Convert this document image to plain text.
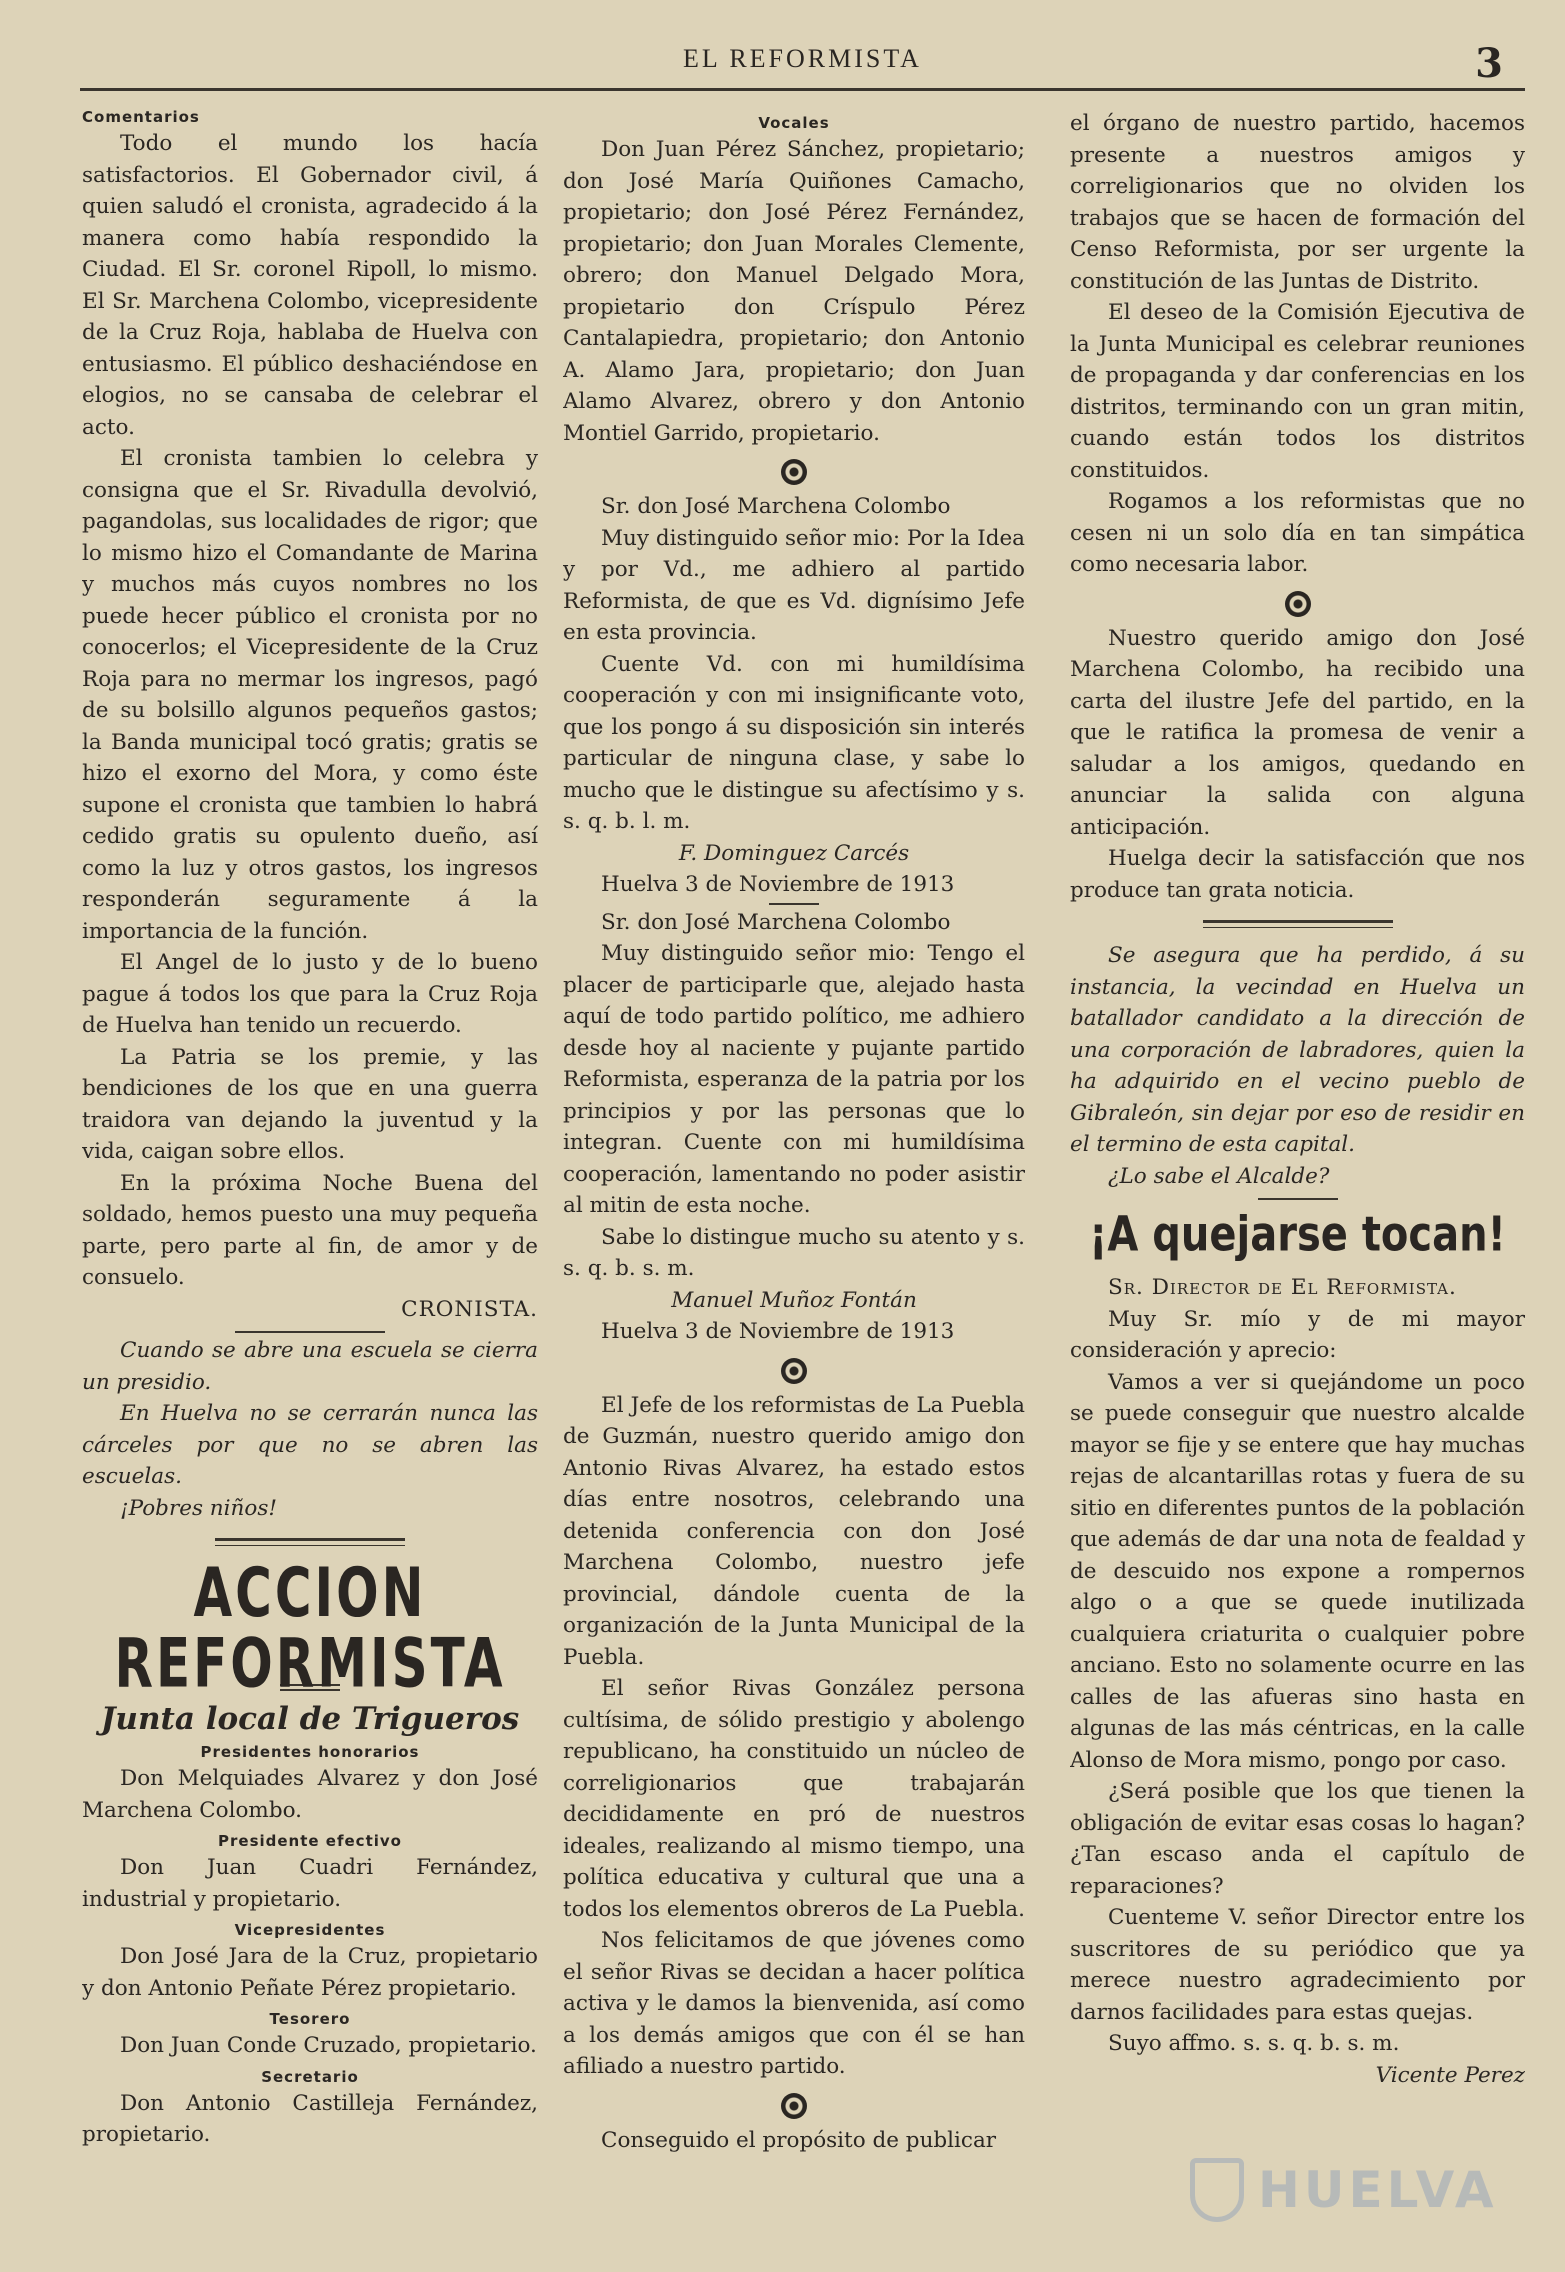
EL REFORMISTA	3
Comentarios

Todo el mundo los hacía satisfactorios. El Gobernador civil, á quien saludó el cronista, agradecido á la manera como había respondido la Ciudad. El Sr. coronel Ripoll, lo mismo. El Sr. Marchena Colombo, vicepresidente de la Cruz Roja, hablaba de Huelva con entusiasmo. El público deshaciéndose en elogios, no se cansaba de celebrar el acto.

El cronista tambien lo celebra y consigna que el Sr. Rivadulla devolvió, pagandolas, sus localidades de rigor; que lo mismo hizo el Comandante de Marina y muchos más cuyos nombres no los puede hecer público el cronista por no conocerlos; el Vicepresidente de la Cruz Roja para no mermar los ingresos, pagó de su bolsillo algunos pequeños gastos; la Banda municipal tocó gratis; gratis se hizo el exorno del Mora, y como éste supone el cronista que tambien lo habrá cedido gratis su opulento dueño, así como la luz y otros gastos, los ingresos responderán seguramente á la importancia de la función.

El Angel de lo justo y de lo bueno pague á todos los que para la Cruz Roja de Huelva han tenido un recuerdo.

La Patria se los premie, y las bendiciones de los que en una guerra traidora van dejando la juventud y la vida, caigan sobre ellos.

En la próxima Noche Buena del soldado, hemos puesto una muy pequeña parte, pero parte al fin, de amor y de consuelo.

CRONISTA.

Cuando se abre una escuela se cierra un presidio.

En Huelva no se cerrarán nunca las cárceles por que no se abren las escuelas.

¡Pobres niños!

ACCION REFORMISTA
Junta local de Trigueros
Presidentes honorarios

Don Melquiades Alvarez y don José Marchena Colombo.

Presidente efectivo

Don Juan Cuadri Fernández, industrial y propietario.

Vicepresidentes

Don José Jara de la Cruz, propietario y don Antonio Peñate Pérez propietario.

Tesorero

Don Juan Conde Cruzado, propietario.

Secretario

Don Antonio Castilleja Fernández, propietario.

Vocales

Don Juan Pérez Sánchez, propietario; don José María Quiñones Camacho, propietario; don José Pérez Fernández, propietario; don Juan Morales Clemente, obrero; don Manuel Delgado Mora, propietario don Críspulo Pérez Cantalapiedra, propietario; don Antonio A. Alamo Jara, propietario; don Juan Alamo Alvarez, obrero y don Antonio Montiel Garrido, propietario.

Sr. don José Marchena Colombo

Muy distinguido señor mio: Por la Idea y por Vd., me adhiero al partido Reformista, de que es Vd. dignísimo Jefe en esta provincia.

Cuente Vd. con mi humildísima cooperación y con mi insignificante voto, que los pongo á su disposición sin interés particular de ninguna clase, y sabe lo mucho que le distingue su afectísimo y s. s. q. b. l. m.

F. Dominguez Carcés

Huelva 3 de Noviembre de 1913

Sr. don José Marchena Colombo

Muy distinguido señor mio: Tengo el placer de participarle que, alejado hasta aquí de todo partido político, me adhiero desde hoy al naciente y pujante partido Reformista, esperanza de la patria por los principios y por las personas que lo integran. Cuente con mi humildísima cooperación, lamentando no poder asistir al mitin de esta noche.

Sabe lo distingue mucho su atento y s. s. q. b. s. m.

Manuel Muñoz Fontán

Huelva 3 de Noviembre de 1913

El Jefe de los reformistas de La Puebla de Guzmán, nuestro querido amigo don Antonio Rivas Alvarez, ha estado estos días entre nosotros, celebrando una detenida conferencia con don José Marchena Colombo, nuestro jefe provincial, dándole cuenta de la organización de la Junta Municipal de la Puebla.

El señor Rivas González persona cultísima, de sólido prestigio y abolengo republicano, ha constituido un núcleo de correligionarios que trabajarán decididamente en pró de nuestros ideales, realizando al mismo tiempo, una política educativa y cultural que una a todos los elementos obreros de La Puebla.

Nos felicitamos de que jóvenes como el señor Rivas se decidan a hacer política activa y le damos la bienvenida, así como a los demás amigos que con él se han afiliado a nuestro partido.

Conseguido el propósito de publicar

el órgano de nuestro partido, hacemos presente a nuestros amigos y correligionarios que no olviden los trabajos que se hacen de formación del Censo Reformista, por ser urgente la constitución de las Juntas de Distrito.

El deseo de la Comisión Ejecutiva de la Junta Municipal es celebrar reuniones de propaganda y dar conferencias en los distritos, terminando con un gran mitin, cuando están todos los distritos constituidos.

Rogamos a los reformistas que no cesen ni un solo día en tan simpática como necesaria labor.

Nuestro querido amigo don José Marchena Colombo, ha recibido una carta del ilustre Jefe del partido, en la que le ratifica la promesa de venir a saludar a los amigos, quedando en anunciar la salida con alguna anticipación.

Huelga decir la satisfacción que nos produce tan grata noticia.

Se asegura que ha perdido, á su instancia, la vecindad en Huelva un batallador candidato a la dirección de una corporación de labradores, quien la ha adquirido en el vecino pueblo de Gibraleón, sin dejar por eso de residir en el termino de esta capital.

¿Lo sabe el Alcalde?

¡A quejarse tocan!

Sr. Director de El Reformista.

Muy Sr. mío y de mi mayor consideración y aprecio:

Vamos a ver si quejándome un poco se puede conseguir que nuestro alcalde mayor se fije y se entere que hay muchas rejas de alcantarillas rotas y fuera de su sitio en diferentes puntos de la población que además de dar una nota de fealdad y de descuido nos expone a rompernos algo o a que se quede inutilizada cualquiera criaturita o cualquier pobre anciano. Esto no solamente ocurre en las calles de las afueras sino hasta en algunas de las más céntricas, en la calle Alonso de Mora mismo, pongo por caso.

¿Será posible que los que tienen la obligación de evitar esas cosas lo hagan? ¿Tan escaso anda el capítulo de reparaciones?

Cuenteme V. señor Director entre los suscritores de su periódico que ya merece nuestro agradecimiento por darnos facilidades para estas quejas.

Suyo affmo. s. s. q. b. s. m.

Vicente Perez

HUELVA
